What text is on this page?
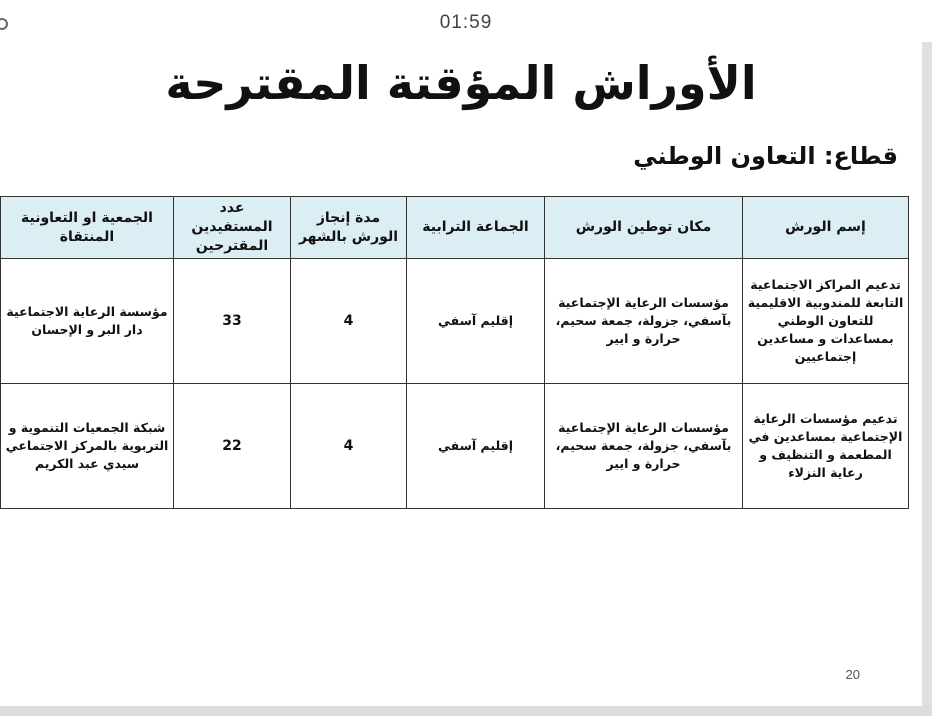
01:59
الأوراش المؤقتة المقترحة
قطاع: التعاون الوطني
إسم الورش	مكان توطين الورش	الجماعة الترابية	مدة إنجاز الورش بالشهر	عدد المستفيدين المقترحين	الجمعية او التعاونية المنتقاة
تدعيم المراكز الاجتماعية التابعة للمندوبية الاقليمية للتعاون الوطني بمساعدات و مساعدين إجتماعيين	مؤسسات الرعاية الإجتماعية بآسفي، جزولة، جمعة سحيم، حرارة و ايير	إقليم آسفي	4	33	مؤسسة الرعاية الاجتماعية دار البر و الإحسان
تدعيم مؤسسات الرعاية الإجتماعية بمساعدين في المطعمة و التنظيف و رعاية النزلاء	مؤسسات الرعاية الإجتماعية بآسفي، جزولة، جمعة سحيم، حرارة و ايير	إقليم آسفي	4	22	شبكة الجمعيات التنموية و التربوية بالمركز الاجتماعي سيدي عبد الكريم
20
